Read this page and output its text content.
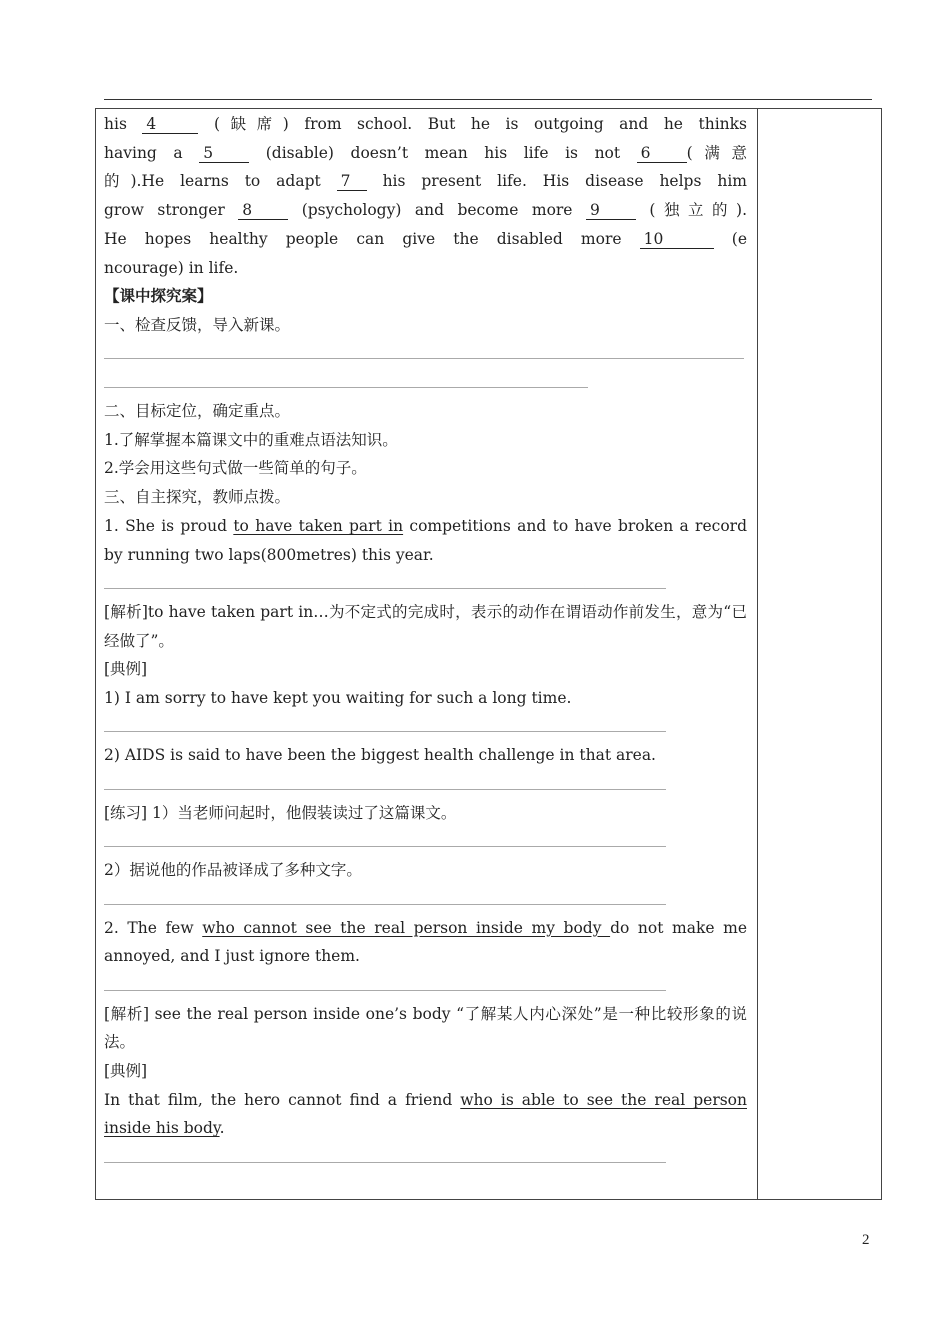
his 4	(缺席) from school. But he is outgoing and he thinks

having a 5 (disable) doesn’t mean his life is not 6 (满意

的).He learns to adapt 7 his present life. His disease helps him

grow stronger 8 (psychology) and become more 9 (独立的).

He hopes healthy people can give the disabled more 10	(e

ncourage) in life.

【课中探究案】

一、检查反馈，导入新课。

二、目标定位，确定重点。

1.了解掌握本篇课文中的重难点语法知识。

2.学会用这些句式做一些简单的句子。

三、自主探究，教师点拨。

1. She is proud to have taken part in competitions and to have broken a record by running two laps(800metres) this year.

[解析]to have taken part in…为不定式的完成时，表示的动作在谓语动作前发生，意为“已经做了”。

[典例]

1) I am sorry to have kept you waiting for such a long time.

2) AIDS is said to have been the biggest health challenge in that area.

[练习] 1）当老师问起时，他假装读过了这篇课文。

2）据说他的作品被译成了多种文字。

2. The few who cannot see the real person inside my body do not make me annoyed, and I just ignore them.

[解析] see the real person inside one’s body “了解某人内心深处”是一种比较形象的说法。

[典例]

In that film, the hero cannot find a friend who is able to see the real person inside his body.

2
